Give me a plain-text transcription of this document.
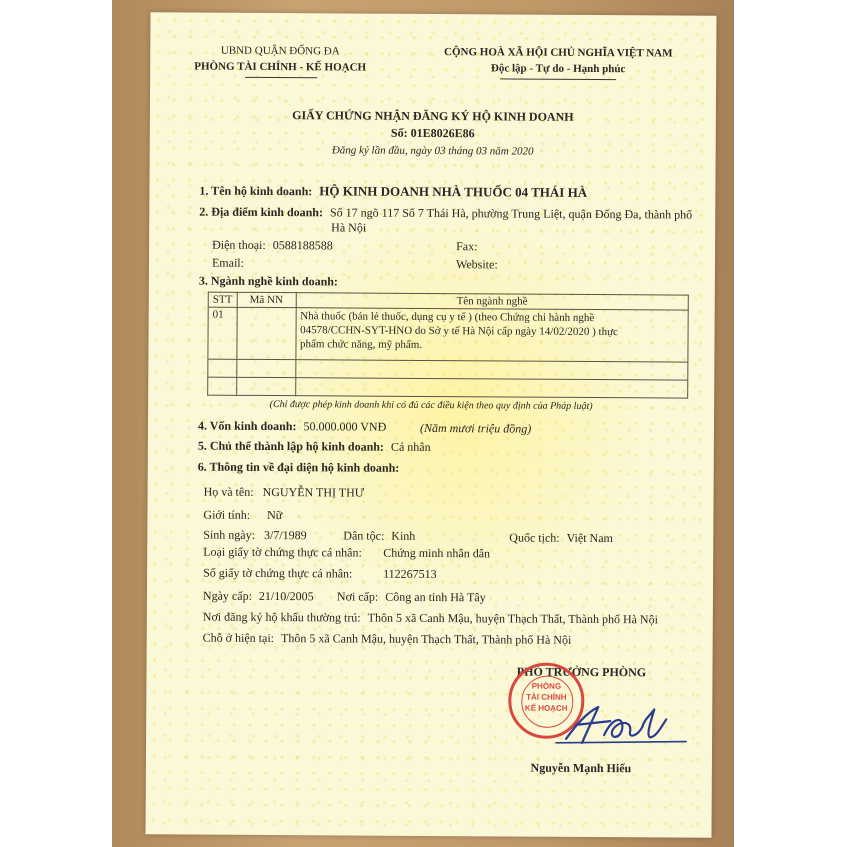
UBND QUẬN ĐỐNG ĐA
PHÒNG TÀI CHÍNH - KẾ HOẠCH
CỘNG HOÀ XÃ HỘI CHỦ NGHĨA VIỆT NAM
Độc lập - Tự do - Hạnh phúc
GIẤY CHỨNG NHẬN ĐĂNG KÝ HỘ KINH DOANH
Số: 01E8026E86
Đăng ký lần đầu, ngày 03 tháng 03 năm 2020
1. Tên hộ kinh doanh: HỘ KINH DOANH NHÀ THUỐC 04 THÁI HÀ
2. Địa điểm kinh doanh: Số 17 ngõ 117 Số 7 Thái Hà, phường Trung Liệt, quận Đống Đa, thành phố
Hà Nội
Điện thoại: 0588188588	Fax:
Email:	Website:
3. Ngành nghề kinh doanh:
STT	Mã NN	Tên ngành nghề
01		Nhà thuốc (bán lẻ thuốc, dụng cụ y tế ) (theo Chứng chỉ hành nghề
04578/CCHN-SYT-HNO do Sở y tế Hà Nội cấp ngày 14/02/2020 ) thực
phẩm chức năng, mỹ phẩm.

(Chỉ được phép kinh doanh khi có đủ các điều kiện theo quy định của Pháp luật)
4. Vốn kinh doanh: 50.000.000 VNĐ	(Năm mươi triệu đồng)
5. Chủ thể thành lập hộ kinh doanh: Cá nhân
6. Thông tin về đại diện hộ kinh doanh:
Họ và tên: NGUYỄN THỊ THƯ
Giới tính: Nữ
Sinh ngày: 3/7/1989	Dân tộc: Kinh	Quốc tịch: Việt Nam
Loại giấy tờ chứng thực cá nhân: Chứng minh nhân dân
Số giấy tờ chứng thực cá nhân:	112267513
Ngày cấp: 21/10/2005 Nơi cấp: Công an tỉnh Hà Tây
Nơi đăng ký hộ khẩu thường trú: Thôn 5 xã Canh Mậu, huyện Thạch Thất, Thành phố Hà Nội
Chỗ ở hiện tại: Thôn 5 xã Canh Mậu, huyện Thạch Thất, Thành phố Hà Nội
PHÓ TRƯỞNG PHÒNG
PHÒNG
TÀI CHÍNH
KẾ HOẠCH
Nguyễn Mạnh Hiếu
